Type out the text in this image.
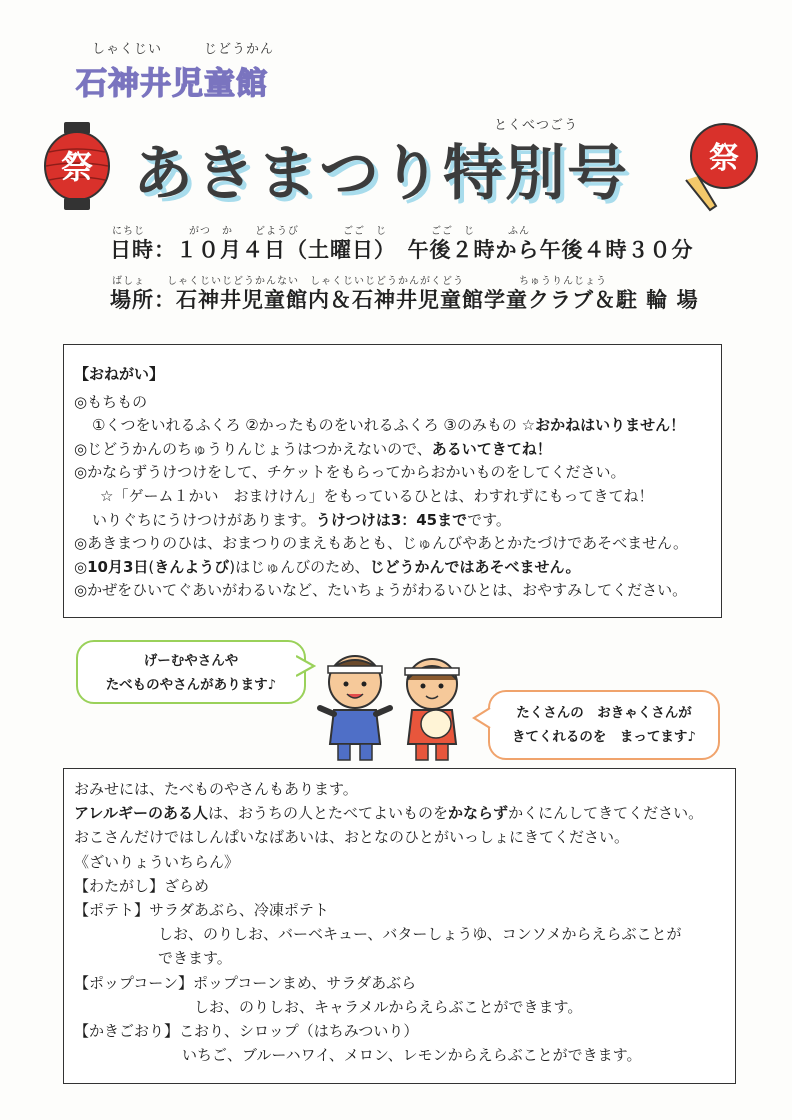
しゃくじい　　　じどうかん
石神井児童館
とくべつごう
祭 あきまつり特別号	祭
にちじ　　　　がつ　か　　どようび　　　　ごご　じ　　　　ごご　じ　　　ふん
日時：１０月４日（土曜日）　午後２時から午後４時３０分
ばしょ　　しゃくじいじどうかんない　しゃくじいじどうかんがくどう　　　　　ちゅうりんじょう
場所：石神井児童館内＆石神井児童館学童クラブ＆駐 輪 場
【おねがい】
◎もちもの
①くつをいれるふくろ ②かったものをいれるふくろ ③のみもの ☆おかねはいりません！
◎じどうかんのちゅうりんじょうはつかえないので、あるいてきてね！
◎かならずうけつけをして、チケットをもらってからおかいものをしてください。
☆「ゲーム１かい　おまけけん」をもっているひとは、わすれずにもってきてね！
いりぐちにうけつけがあります。うけつけは3：45までです。
◎あきまつりのひは、おまつりのまえもあとも、じゅんびやあとかたづけであそべません。
◎10月3日(きんようび)はじゅんびのため、じどうかんではあそべません。
◎かぜをひいてぐあいがわるいなど、たいちょうがわるいひとは、おやすみしてください。
げーむやさんや
たべものやさんがあります♪
たくさんの　おきゃくさんが
きてくれるのを　まってます♪
おみせには、たべものやさんもあります。
アレルギーのある人は、おうちの人とたべてよいものをかならずかくにんしてきてください。
おこさんだけではしんぱいなばあいは、おとなのひとがいっしょにきてください。
《ざいりょういちらん》
【わたがし】ざらめ
【ポテト】サラダあぶら、冷凍ポテト
しお、のりしお、バーベキュー、バターしょうゆ、コンソメからえらぶことが
できます。
【ポップコーン】ポップコーンまめ、サラダあぶら
しお、のりしお、キャラメルからえらぶことができます。
【かきごおり】こおり、シロップ（はちみついり）
いちご、ブルーハワイ、メロン、レモンからえらぶことができます。
